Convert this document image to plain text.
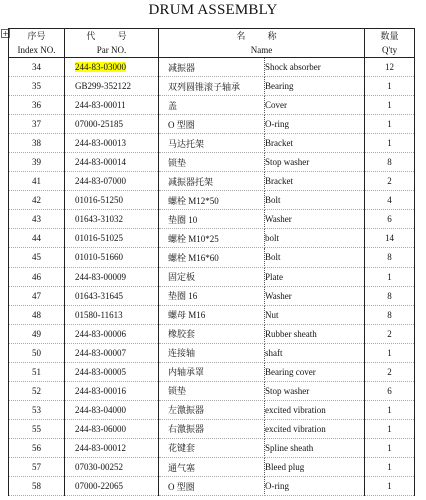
DRUM ASSEMBLY
+ 序号	代 号	名 称		数量
Index NO.	Par NO.	Name		Q'ty
34	244-83-03000	减振器	Shock absorber	12
35	GB299-352122	双列圆锥滚子轴承	Bearing	1
36	244-83-00011	盖	Cover	1
37	07000-25185	O 型圈	O-ring	1
38	244-83-00013	马达托架	Bracket	1
39	244-83-00014	锁垫	Stop washer	8
41	244-83-07000	减振器托架	Bracket	2
42	01016-51250	螺栓 M12*50	Bolt	4
43	01643-31032	垫圈 10	Washer	6
44	01016-51025	螺栓 M10*25	bolt	14
45	01010-51660	螺栓 M16*60	Bolt	8
46	244-83-00009	固定板	Plate	1
47	01643-31645	垫圈 16	Washer	8
48	01580-11613	螺母 M16	Nut	8
49	244-83-00006	橡胶套	Rubber sheath	2
50	244-83-00007	连接轴	shaft	1
51	244-83-00005	内轴承罩	Bearing cover	2
52	244-83-00016	锁垫	Stop washer	6
53	244-83-04000	左激振器	excited vibration	1
55	244-83-06000	右激振器	excited vibration	1
56	244-83-00012	花键套	Spline sheath	1
57	07030-00252	通气塞	Bleed plug	1
58	07000-22065	O 型圈	O-ring	1
